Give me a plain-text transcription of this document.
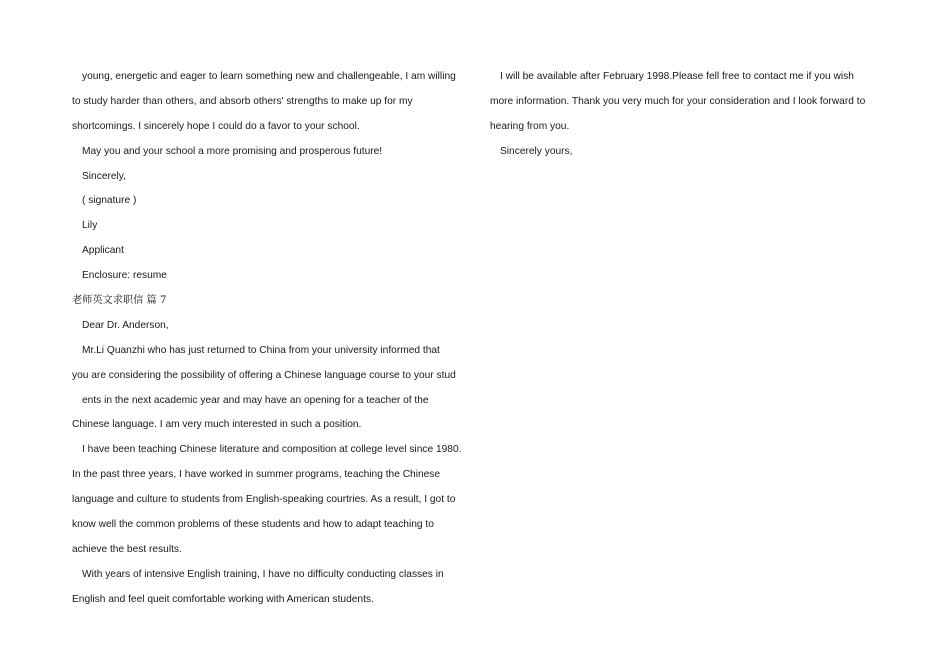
young, energetic and eager to learn something new and challengeable, I am willing
to study harder than others, and absorb others' strengths to make up for my
shortcomings. I sincerely hope I could do a favor to your school.
May you and your school a more promising and prosperous future!
Sincerely,
( signature )
Lily
Applicant
Enclosure: resume
老师英文求职信 篇 7
Dear Dr. Anderson,
Mr.Li Quanzhi who has just returned to China from your university informed that
you are considering the possibility of offering a Chinese language course to your stud
ents in the next academic year and may have an opening for a teacher of the
Chinese language. I am very much interested in such a position.
I have been teaching Chinese literature and composition at college level since 1980.
In the past three years, I have worked in summer programs, teaching the Chinese
language and culture to students from English-speaking courtries. As a result, I got to
know well the common problems of these students and how to adapt teaching to
achieve the best results.
With years of intensive English training, I have no difficulty conducting classes in
English and feel queit comfortable working with American students.
I will be available after February 1998.Please fell free to contact me if you wish
more information. Thank you very much for your consideration and I look forward to
hearing from you.
Sincerely yours,
